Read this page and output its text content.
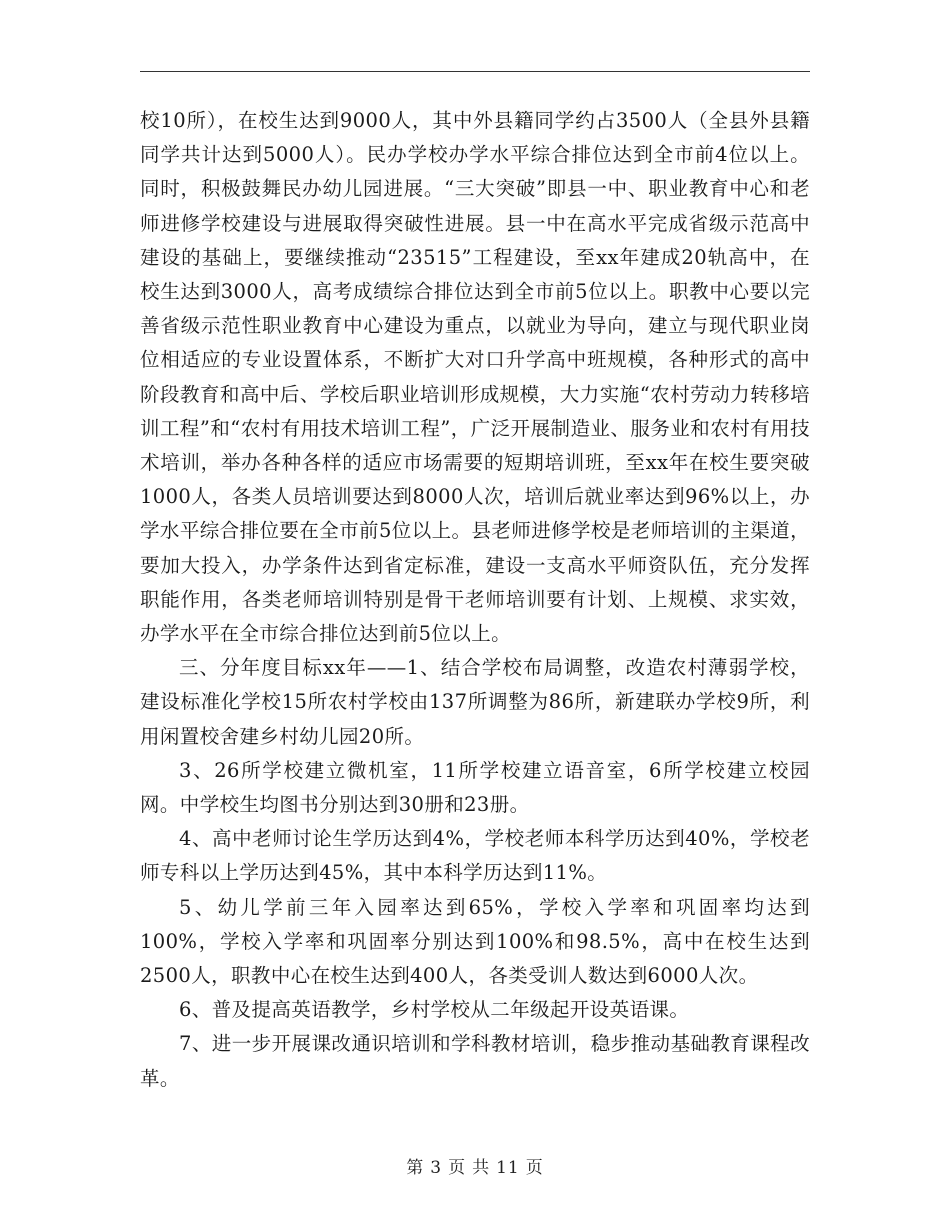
校10所），在校生达到9000人，其中外县籍同学约占3500人（全县外县籍同学共计达到5000人）。民办学校办学水平综合排位达到全市前4位以上。同时，积极鼓舞民办幼儿园进展。“三大突破”即县一中、职业教育中心和老师进修学校建设与进展取得突破性进展。县一中在高水平完成省级示范高中建设的基础上，要继续推动“23515”工程建设，至xx年建成20轨高中，在校生达到3000人，高考成绩综合排位达到全市前5位以上。职教中心要以完善省级示范性职业教育中心建设为重点，以就业为导向，建立与现代职业岗位相适应的专业设置体系，不断扩大对口升学高中班规模，各种形式的高中阶段教育和高中后、学校后职业培训形成规模，大力实施“农村劳动力转移培训工程”和“农村有用技术培训工程”，广泛开展制造业、服务业和农村有用技术培训，举办各种各样的适应市场需要的短期培训班，至xx年在校生要突破1000人，各类人员培训要达到8000人次，培训后就业率达到96%以上，办学水平综合排位要在全市前5位以上。县老师进修学校是老师培训的主渠道，要加大投入，办学条件达到省定标准，建设一支高水平师资队伍，充分发挥职能作用，各类老师培训特别是骨干老师培训要有计划、上规模、求实效，办学水平在全市综合排位达到前5位以上。

三、分年度目标xx年——1、结合学校布局调整，改造农村薄弱学校，建设标准化学校15所农村学校由137所调整为86所，新建联办学校9所，利用闲置校舍建乡村幼儿园20所。

3、26所学校建立微机室，11所学校建立语音室，6所学校建立校园网。中学校生均图书分别达到30册和23册。

4、高中老师讨论生学历达到4%，学校老师本科学历达到40%，学校老师专科以上学历达到45%，其中本科学历达到11%。

5、幼儿学前三年入园率达到65%，学校入学率和巩固率均达到100%，学校入学率和巩固率分别达到100%和98.5%，高中在校生达到2500人，职教中心在校生达到400人，各类受训人数达到6000人次。

6、普及提高英语教学，乡村学校从二年级起开设英语课。

7、进一步开展课改通识培训和学科教材培训，稳步推动基础教育课程改革。

第 3 页 共 11 页
